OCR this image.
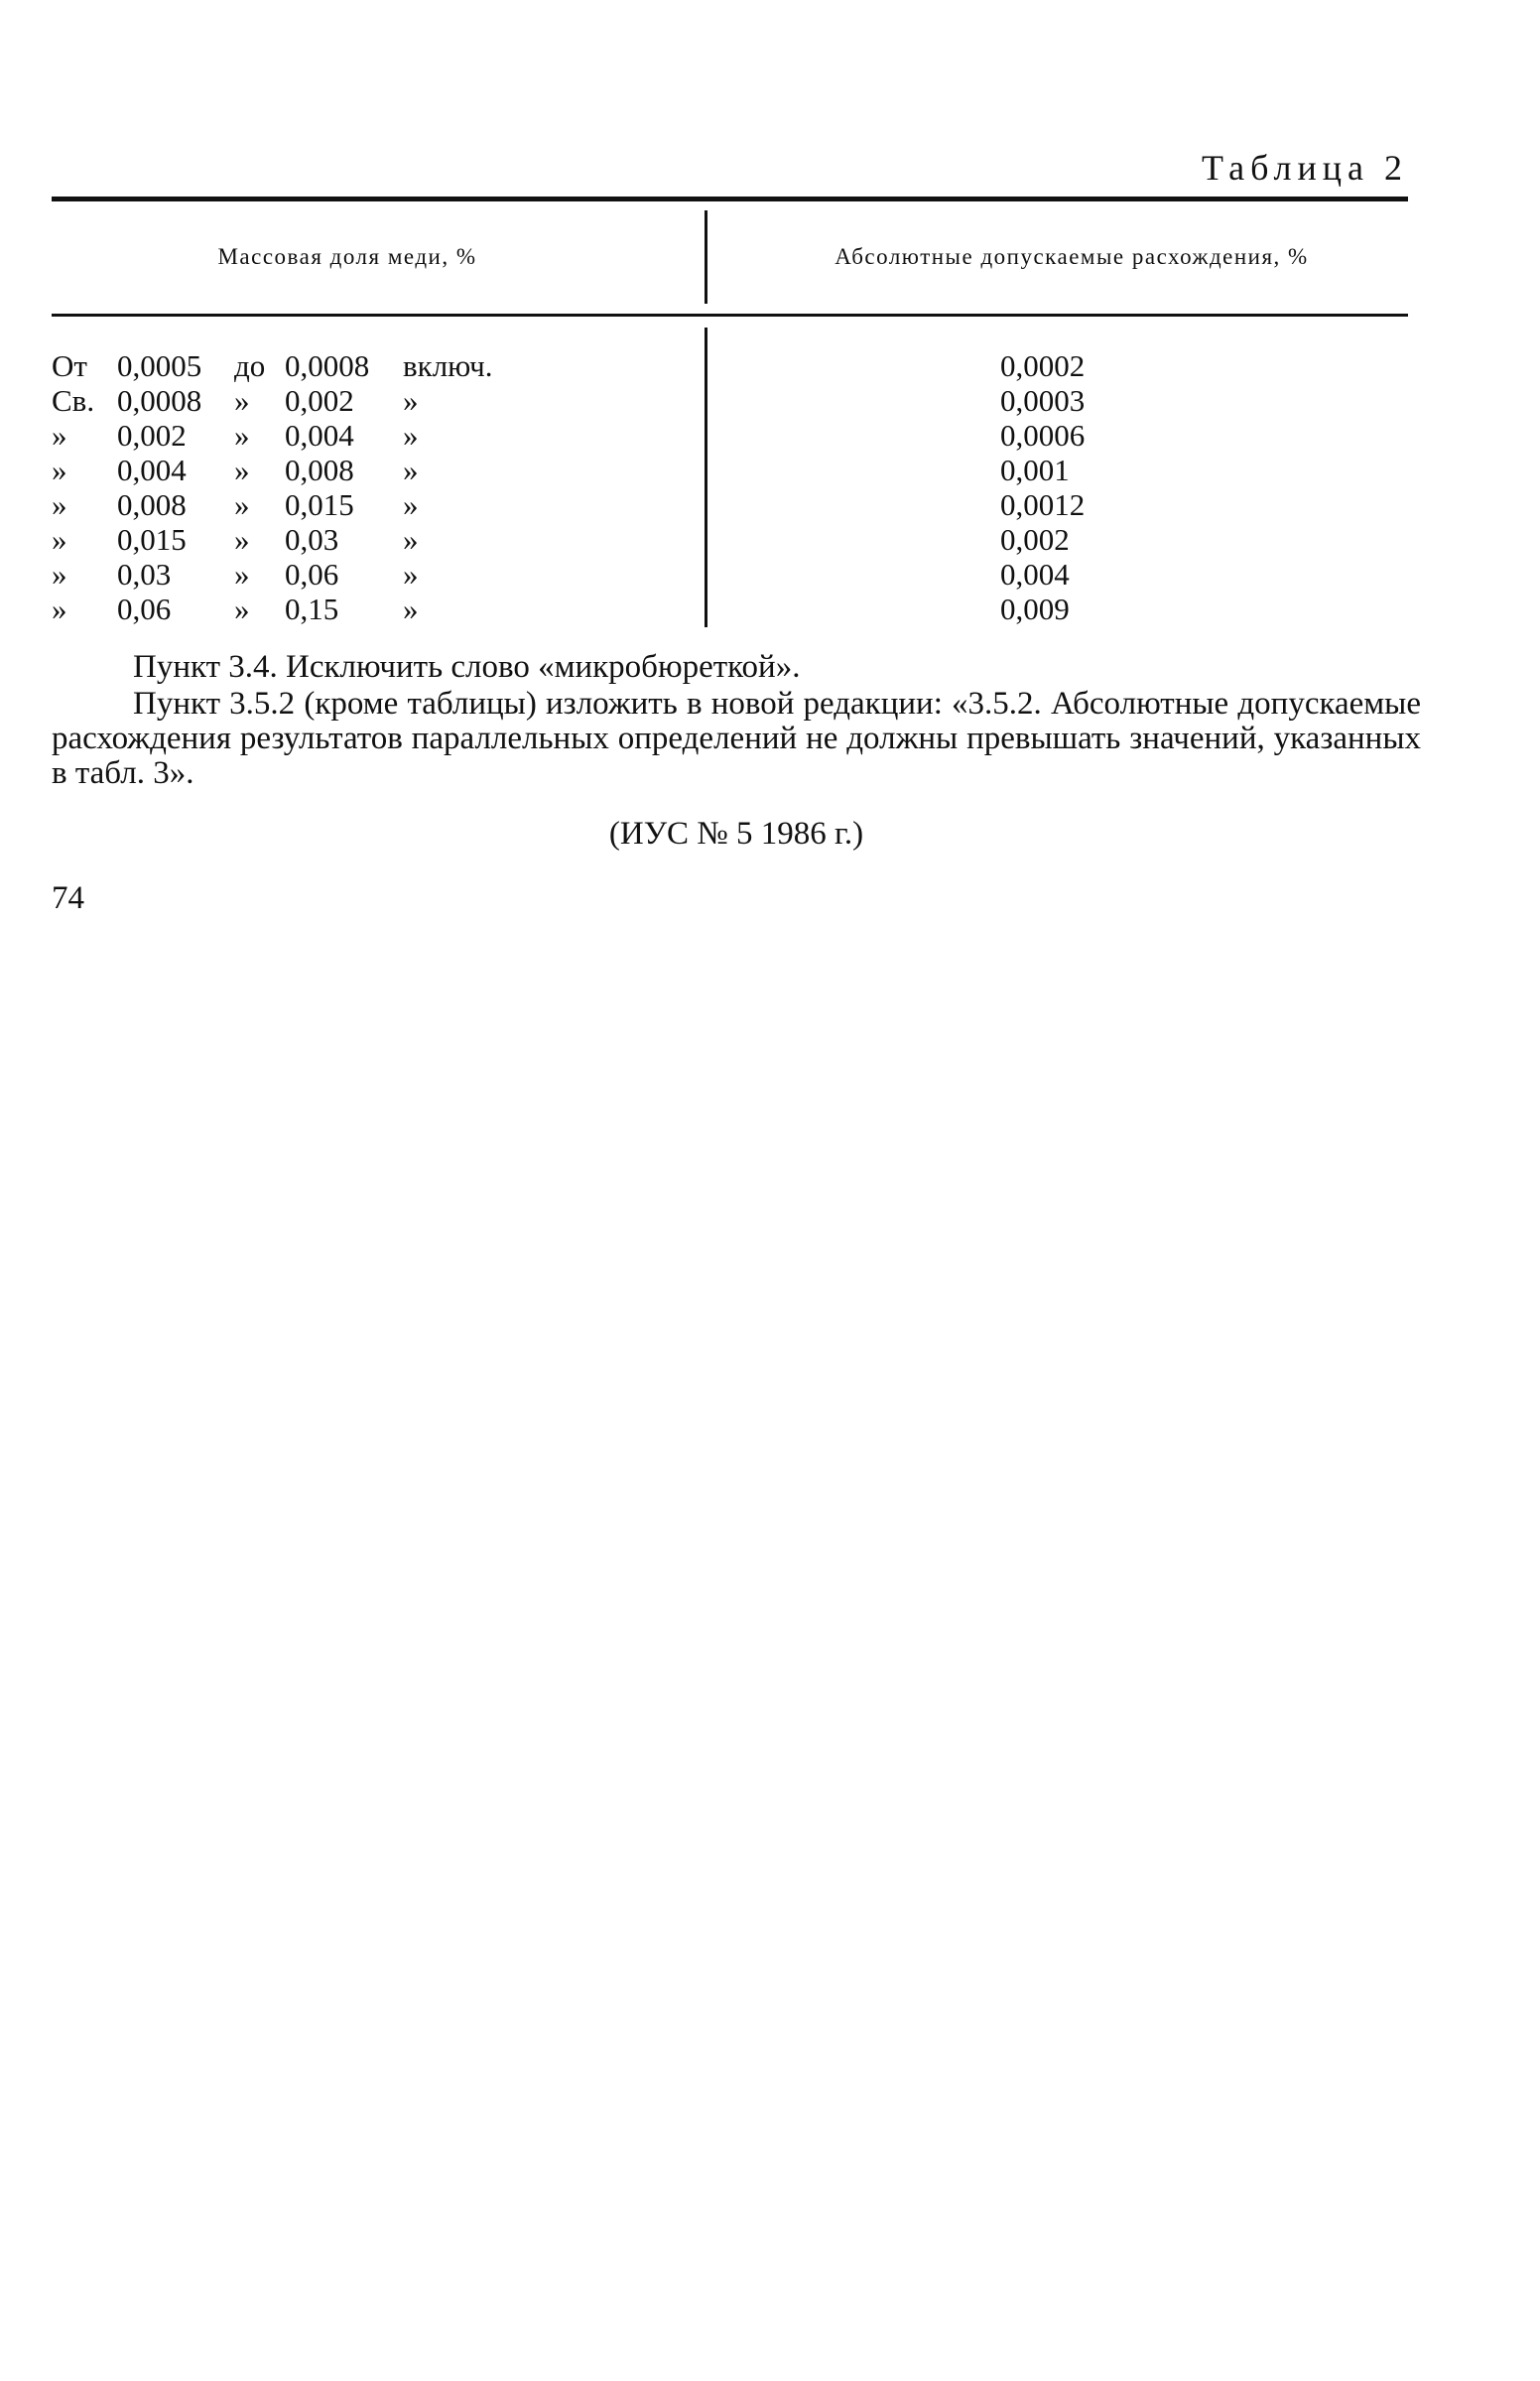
Таблица 2
Массовая доля меди, %	Абсолютные допускаемые расхождения, %
От 0,0005 до 0,0008 включ.	0,0002
Св. 0,0008 » 0,002 »	0,0003
» 0,002 » 0,004 »	0,0006
» 0,004 » 0,008 »	0,001
» 0,008 » 0,015 »	0,0012
» 0,015 » 0,03 »	0,002
» 0,03 » 0,06 »	0,004
» 0,06 » 0,15 »	0,009
Пункт 3.4. Исключить слово «микробюреткой».
Пункт 3.5.2 (кроме таблицы) изложить в новой редакции: «3.5.2. Абсолютные допускаемые расхождения результатов параллельных определений не должны превышать значений, указанных в табл. 3».
(ИУС № 5 1986 г.)
74
